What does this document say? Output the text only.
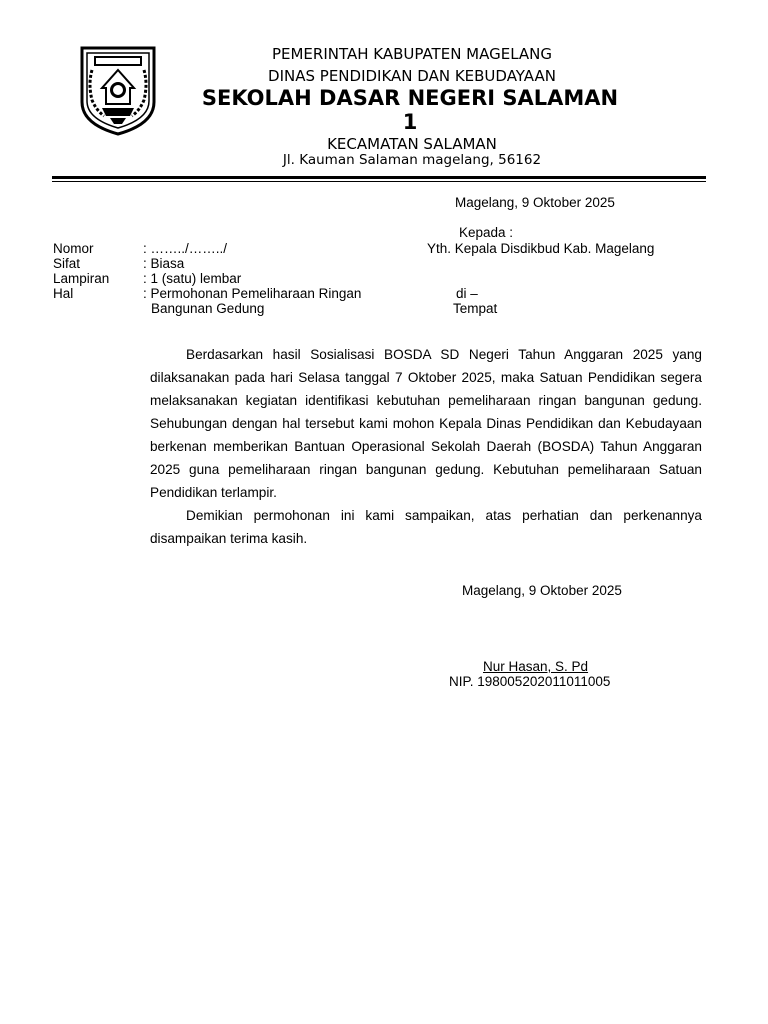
PEMERINTAH KABUPATEN MAGELANG
DINAS PENDIDIKAN DAN KEBUDAYAAN
SEKOLAH DASAR NEGERI SALAMAN
1
KECAMATAN SALAMAN
Jl. Kauman Salaman magelang, 56162
Magelang, 9 Oktober 2025
Kepada :
Yth. Kepala Disdikbud Kab. Magelang
di –
Tempat
Nomor	: ……../……../
Sifat	: Biasa
Lampiran : 1 (satu) lembar
Hal	: Permohonan Pemeliharaan Ringan
Bangunan Gedung

Berdasarkan hasil Sosialisasi BOSDA SD Negeri Tahun Anggaran 2025 yang dilaksanakan pada hari Selasa tanggal 7 Oktober 2025, maka Satuan Pendidikan segera melaksanakan kegiatan identifikasi kebutuhan pemeliharaan ringan bangunan gedung. Sehubungan dengan hal tersebut kami mohon Kepala Dinas Pendidikan dan Kebudayaan berkenan memberikan Bantuan Operasional Sekolah Daerah (BOSDA) Tahun Anggaran 2025 guna pemeliharaan ringan bangunan gedung. Kebutuhan pemeliharaan Satuan Pendidikan terlampir.

Demikian permohonan ini kami sampaikan, atas perhatian dan perkenannya disampaikan terima kasih.

Magelang, 9 Oktober 2025
Nur Hasan, S. Pd
NIP. 198005202011011005
